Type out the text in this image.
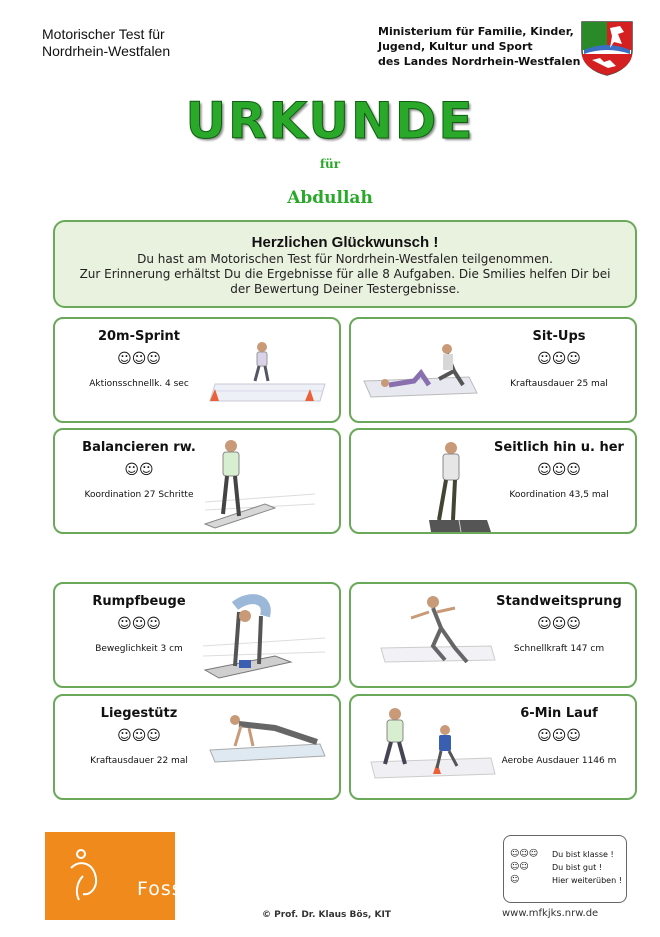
Motorischer Test für
Nordrhein-Westfalen
Ministerium für Familie, Kinder,
Jugend, Kultur und Sport
des Landes Nordrhein-Westfalen
URKUNDE
für
Abdullah
Herzlichen Glückwunsch !

Du hast am Motorischen Test für Nordrhein-Westfalen teilgenommen.

Zur Erinnerung erhältst Du die Ergebnisse für alle 8 Aufgaben. Die Smilies helfen Dir bei

der Bewertung Deiner Testergebnisse.

20m-Sprint
☺☺☺
Aktionsschnellk. 4 sec
Sit-Ups
☺☺☺
Kraftausdauer 25 mal
Balancieren rw.
☺☺
Koordination 27 Schritte
Seitlich hin u. her
☺☺☺
Koordination 43,5 mal
Rumpfbeuge
☺☺☺
Beweglichkeit 3 cm
Standweitsprung
☺☺☺
Schnellkraft 147 cm
Liegestütz
☺☺☺
Kraftausdauer 22 mal
6-Min Lauf
☺☺☺
Aerobe Ausdauer 1146 m
Foss
© Prof. Dr. Klaus Bös, KIT
☺☺☺	Du bist klasse !
☺☺	Du bist gut !
☺	Hier weiterüben !
www.mfkjks.nrw.de
